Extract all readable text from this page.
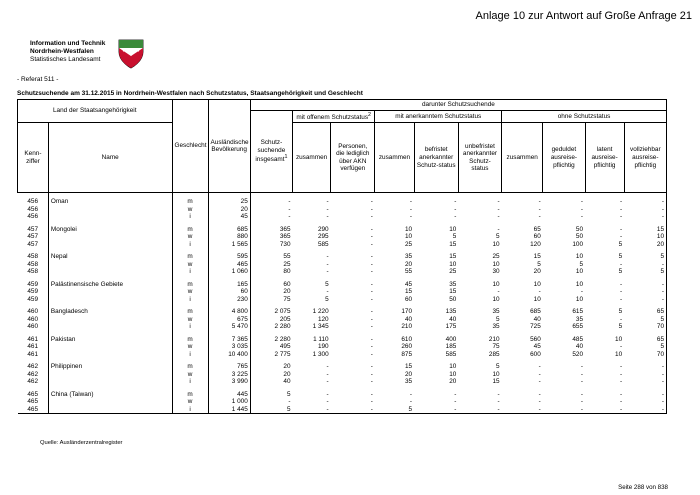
Anlage 10 zur Antwort auf Große Anfrage 21
Information und Technik
Nordrhein-Westfalen
Statistisches Landesamt
- Referat 511 -
Schutzsuchende am 31.12.2015 in Nordrhein-Westfalen nach Schutzstatus, Staatsangehörigkeit und Geschlecht
Land der Staatsangehörigkeit		Geschlecht	Ausländische Bevölkerung	darunter Schutzsuchende									
				Schutz-suchende insgesamt$^1$	mit offenem Schutzstatus$^2$		mit anerkanntem Schutzstatus			ohne Schutzstatus			
Kenn-ziffer	Name				zusammen	Personen, die lediglich über AKN verfügen	zusammen	befristet anerkannter Schutz-status	unbefristet anerkannter Schutz-status	zusammen	geduldet ausreise-pflichtig	latent ausreise-pflichtig	vollziehbar ausreise-pflichtig

456	Oman	m	25	-	-	-	-	-	-	-	-	-	-
456		w	20	-	-	-	-	-	-	-	-	-	-
456		i	45	-	-	-	-	-	-	-	-	-	-

457	Mongolei	m	685	365	290	-	10	10	-	65	50	-	15
457		w	880	365	295	-	10	5	5	60	50	-	10
457		i	1 565	730	585	-	25	15	10	120	100	5	20

458	Nepal	m	595	55	-	-	35	15	25	15	10	5	5
458		w	465	25	-	-	20	10	10	5	5	-	-
458		i	1 060	80	-	-	55	25	30	20	10	5	5

459	Palästinensische Gebiete	m	165	60	5	-	45	35	10	10	10	-	-
459		w	60	20	-	-	15	15	-	-	-	-	-
459		i	230	75	5	-	60	50	10	10	10	-	-

460	Bangladesch	m	4 800	2 075	1 220	-	170	135	35	685	615	5	65
460		w	675	205	120	-	40	40	5	40	35	-	5
460		i	5 470	2 280	1 345	-	210	175	35	725	655	5	70

461	Pakistan	m	7 365	2 280	1 110	-	610	400	210	560	485	10	65
461		w	3 035	495	190	-	260	185	75	45	40	-	5
461		i	10 400	2 775	1 300	-	875	585	285	600	520	10	70

462	Philippinen	m	765	20	-	-	15	10	5	-	-	-	-
462		w	3 225	20	-	-	20	10	10	-	-	-	-
462		i	3 990	40	-	-	35	20	15	-	-	-	-

465	China (Taiwan)	m	445	5	-	-	-	-	-	-	-	-	-
465		w	1 000	-	-	-	-	-	-	-	-	-	-
465		i	1 445	5	-	-	5	-	-	-	-	-	-
Quelle: Ausländerzentralregister
Seite 288 von 838
